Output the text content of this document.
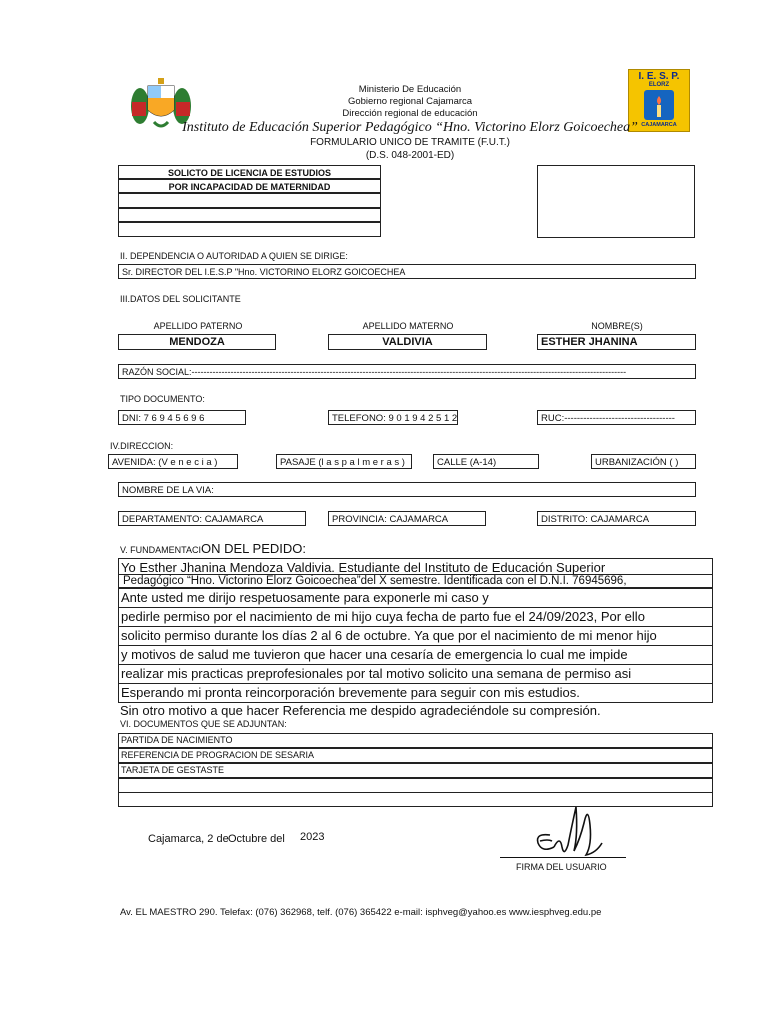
I. E. S. P.
ELORZ
CAJAMARCA
Ministerio De Educación
Gobierno regional Cajamarca
Dirección regional de educación
Instituto de Educación Superior Pedagógico “Hno. Victorino Elorz Goicoechea”
FORMULARIO UNICO DE TRAMITE (F.U.T.)
(D.S. 048-2001-ED)
SOLICTO DE LICENCIA DE ESTUDIOS
POR INCAPACIDAD DE MATERNIDAD
II. DEPENDENCIA O AUTORIDAD A QUIEN SE DIRIGE:
Sr. DIRECTOR DEL I.E.S.P "Hno. VICTORINO ELORZ GOICOECHEA
III.DATOS DEL SOLICITANTE
APELLIDO PATERNO	APELLIDO MATERNO	NOMBRE(S)
MENDOZA	VALDIVIA	ESTHER JHANINA
RAZÓN SOCIAL:-------------------------------------------------------------------------------------------------------------------------------------------------
TIPO DOCUMENTO:
DNI: 7 6 9 4 5 6 9 6	TELEFONO: 9 0 1 9 4 2 5 1 2	RUC:-----------------------------------
IV.DIRECCION:
AVENIDA: (V e n e c i a )	PASAJE (l a s p a l m e r a s )	CALLE (A-14)	URBANIZACIÓN ( )
NOMBRE DE LA VIA:
DEPARTAMENTO: CAJAMARCA	PROVINCIA: CAJAMARCA	DISTRITO: CAJAMARCA
V. FUNDAMENTACION DEL PEDIDO:
Yo Esther Jhanina Mendoza Valdivia. Estudiante del Instituto de Educación Superior
Pedagógico “Hno. Victorino Elorz Goicoechea”del X semestre. Identificada con el D.N.I. 76945696,
Ante usted me dirijo respetuosamente para exponerle mi caso y
pedirle permiso por el nacimiento de mi hijo cuya fecha de parto fue el 24/09/2023, Por ello
solicito permiso durante los días 2 al 6 de octubre. Ya que por el nacimiento de mi menor hijo
y motivos de salud me tuvieron que hacer una cesaría de emergencia lo cual me impide
realizar mis practicas preprofesionales por tal motivo solicito una semana de permiso asi
Esperando mi pronta reincorporación brevemente para seguir con mis estudios.
Sin otro motivo a que hacer Referencia me despido agradeciéndole su compresión.
VI. DOCUMENTOS QUE SE ADJUNTAN:
PARTIDA DE NACIMIENTO
REFERENCIA DE PROGRACION DE SESARIA
TARJETA DE GESTASTE
Cajamarca, 2 de Octubre del 2023
FIRMA DEL USUARIO
Av. EL MAESTRO 290. Telefax: (076) 362968, telf. (076) 365422 e-mail: isphveg@yahoo.es www.iesphveg.edu.pe
